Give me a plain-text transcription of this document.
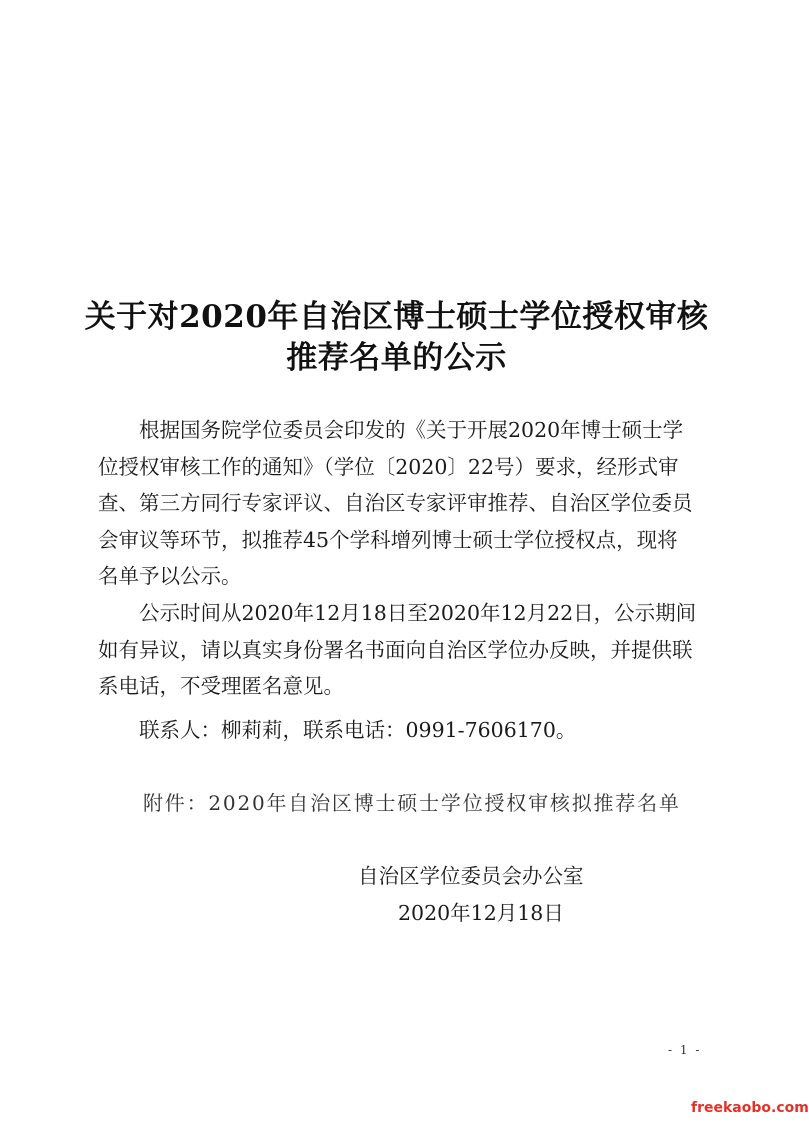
关于对2020年自治区博士硕士学位授权审核
推荐名单的公示

根据国务院学位委员会印发的《关于开展2020年博士硕士学位授权审核工作的通知》（学位〔2020〕22号）要求，经形式审查、第三方同行专家评议、自治区专家评审推荐、自治区学位委员会审议等环节，拟推荐45个学科增列博士硕士学位授权点，现将名单予以公示。

公示时间从2020年12月18日至2020年12月22日，公示期间如有异议，请以真实身份署名书面向自治区学位办反映，并提供联系电话，不受理匿名意见。

联系人：柳莉莉，联系电话：0991-7606170。

附件：2020年自治区博士硕士学位授权审核拟推荐名单
自治区学位委员会办公室
2020年12月18日
- 1 -
freekaobo.com
